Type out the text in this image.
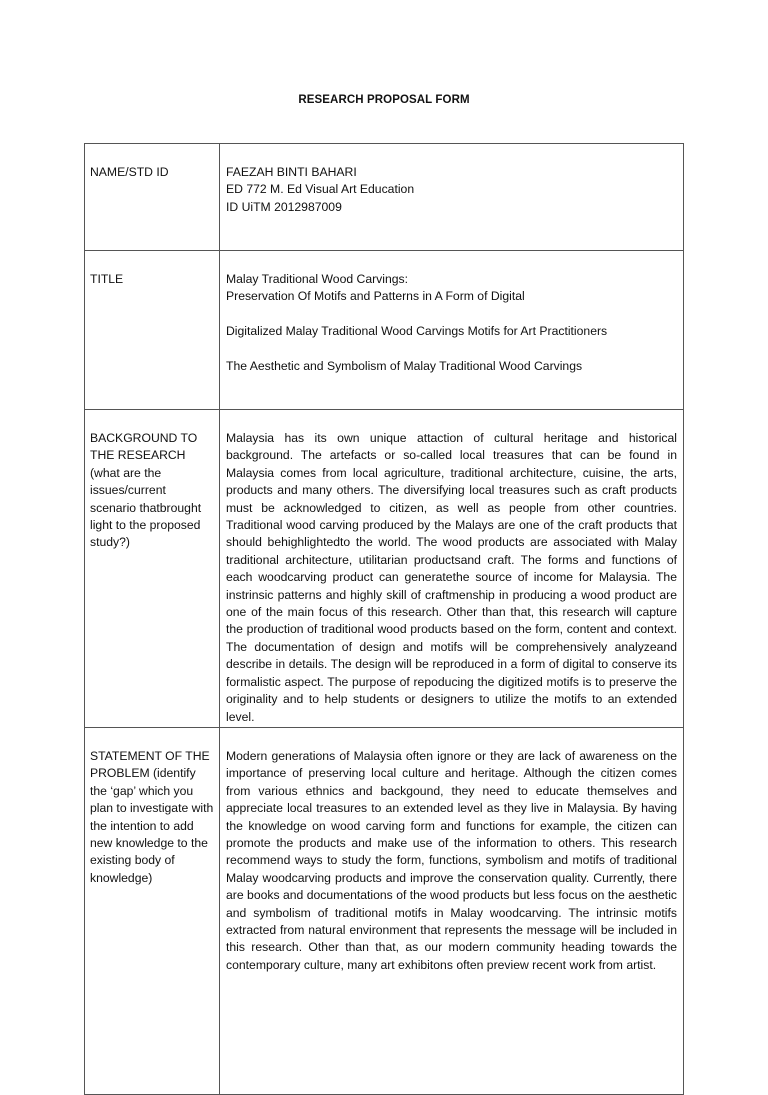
RESEARCH PROPOSAL FORM
NAME/STD ID	FAEZAH BINTI BAHARI
ED 772 M. Ed Visual Art Education
ID UiTM 2012987009

TITLE	Malay Traditional Wood Carvings:
Preservation Of Motifs and Patterns in A Form of Digital
Digitalized Malay Traditional Wood Carvings Motifs for Art Practitioners
The Aesthetic and Symbolism of Malay Traditional Wood Carvings

BACKGROUND TO THE RESEARCH (what are the issues/current scenario thatbrought light to the proposed study?)	Malaysia has its own unique attaction of cultural heritage and historical background. The artefacts or so-called local treasures that can be found in Malaysia comes from local agriculture, traditional architecture, cuisine, the arts, products and many others. The diversifying local treasures such as craft products must be acknowledged to citizen, as well as people from other countries. Traditional wood carving produced by the Malays are one of the craft products that should behighlightedto the world. The wood products are associated with Malay traditional architecture, utilitarian productsand craft. The forms and functions of each woodcarving product can generatethe source of income for Malaysia. The instrinsic patterns and highly skill of craftmenship in producing a wood product are one of the main focus of this research. Other than that, this research will capture the production of traditional wood products based on the form, content and context. The documentation of design and motifs will be comprehensively analyzeand describe in details. The design will be reproduced in a form of digital to conserve its formalistic aspect. The purpose of repoducing the digitized motifs is to preserve the originality and to help students or designers to utilize the motifs to an extended level.
STATEMENT OF THE PROBLEM (identify the ‘gap’ which you plan to investigate with the intention to add new knowledge to the existing body of knowledge)	Modern generations of Malaysia often ignore or they are lack of awareness on the importance of preserving local culture and heritage. Although the citizen comes from various ethnics and backgound, they need to educate themselves and appreciate local treasures to an extended level as they live in Malaysia. By having the knowledge on wood carving form and functions for example, the citizen can promote the products and make use of the information to others. This research recommend ways to study the form, functions, symbolism and motifs of traditional Malay woodcarving products and improve the conservation quality. Currently, there are books and documentations of the wood products but less focus on the aesthetic and symbolism of traditional motifs in Malay woodcarving. The intrinsic motifs extracted from natural environment that represents the message will be included in this research. Other than that, as our modern community heading towards the contemporary culture, many art exhibitons often preview recent work from artist.
